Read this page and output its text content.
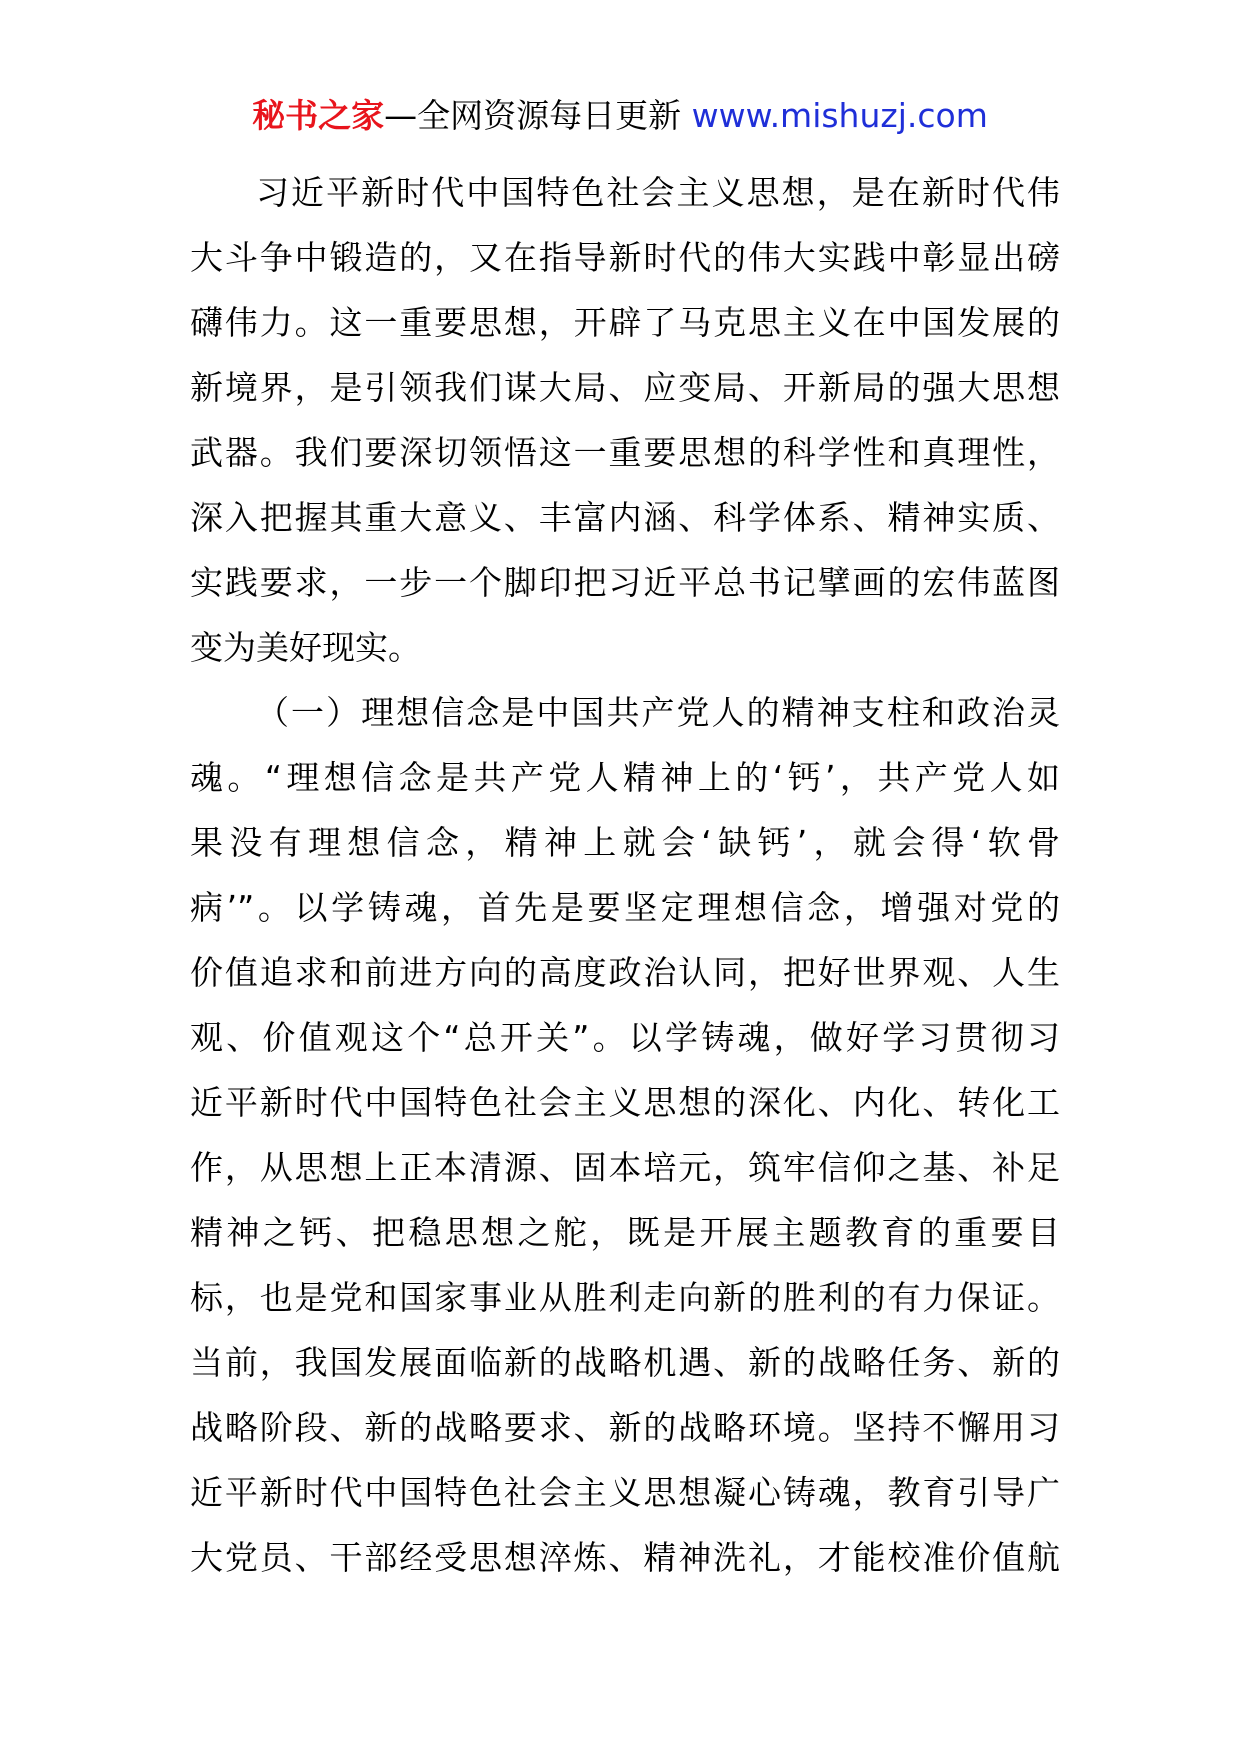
秘书之家—全网资源每日更新 www.mishuzj.com
习近平新时代中国特色社会主义思想，是在新时代伟
大斗争中锻造的，又在指导新时代的伟大实践中彰显出磅
礴伟力。这一重要思想，开辟了马克思主义在中国发展的
新境界，是引领我们谋大局、应变局、开新局的强大思想
武器。我们要深切领悟这一重要思想的科学性和真理性，
深入把握其重大意义、丰富内涵、科学体系、精神实质、
实践要求，一步一个脚印把习近平总书记擘画的宏伟蓝图
变为美好现实。
（一）理想信念是中国共产党人的精神支柱和政治灵
魂。“理想信念是共产党人精神上的‘钙’，共产党人如
果没有理想信念，精神上就会‘缺钙’，就会得‘软骨
病’”。以学铸魂，首先是要坚定理想信念，增强对党的
价值追求和前进方向的高度政治认同，把好世界观、人生
观、价值观这个“总开关”。以学铸魂，做好学习贯彻习
近平新时代中国特色社会主义思想的深化、内化、转化工
作，从思想上正本清源、固本培元，筑牢信仰之基、补足
精神之钙、把稳思想之舵，既是开展主题教育的重要目
标，也是党和国家事业从胜利走向新的胜利的有力保证。
当前，我国发展面临新的战略机遇、新的战略任务、新的
战略阶段、新的战略要求、新的战略环境。坚持不懈用习
近平新时代中国特色社会主义思想凝心铸魂，教育引导广
大党员、干部经受思想淬炼、精神洗礼，才能校准价值航
